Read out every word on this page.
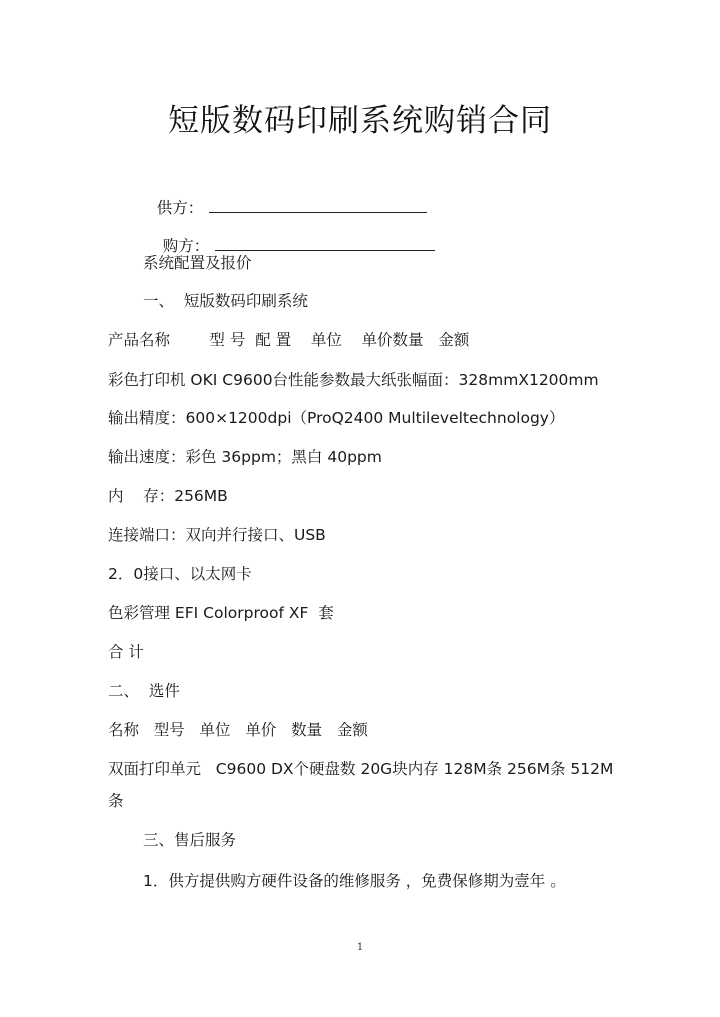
短版数码印刷系统购销合同

供方：

购方：

系统配置及报价
一、  短版数码印刷系统
产品名称        型 号  配 置    单位    单价数量   金额
彩色打印机 OKI C9600台性能参数最大纸张幅面：328mmX1200mm
输出精度：600×1200dpi（ProQ2400 Multileveltechnology）
输出速度：彩色 36ppm；黑白 40ppm
内    存：256MB
连接端口：双向并行接口、USB
2．0接口、以太网卡
色彩管理 EFI Colorproof XF  套
合 计
二、  选件
名称   型号   单位   单价   数量   金额
双面打印单元   C9600 DX个硬盘数 20G块内存 128M条 256M条 512M
条
三、售后服务
1．供方提供购方硬件设备的维修服务 ，免费保修期为壹年 。
1
